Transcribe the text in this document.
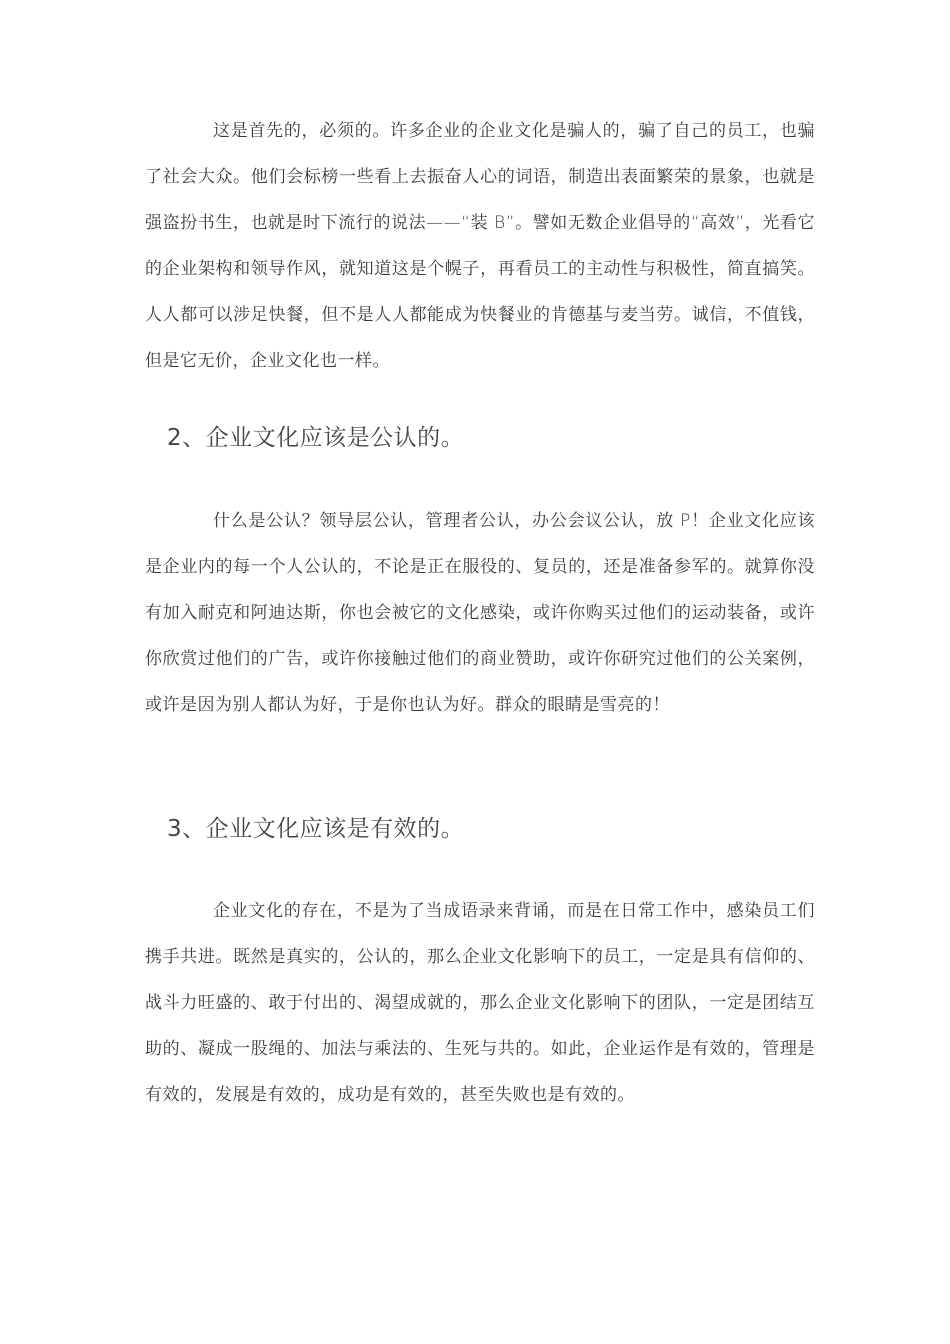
这是首先的，必须的。许多企业的企业文化是骗人的，骗了自己的员工，也骗了社会大众。他们会标榜一些看上去振奋人心的词语，制造出表面繁荣的景象，也就是强盗扮书生，也就是时下流行的说法——“装 B”。譬如无数企业倡导的“高效”，光看它的企业架构和领导作风，就知道这是个幌子，再看员工的主动性与积极性，简直搞笑。人人都可以涉足快餐，但不是人人都能成为快餐业的肯德基与麦当劳。诚信，不值钱，但是它无价，企业文化也一样。

2、企业文化应该是公认的。

什么是公认？领导层公认，管理者公认，办公会议公认，放 P！企业文化应该是企业内的每一个人公认的，不论是正在服役的、复员的，还是准备参军的。就算你没有加入耐克和阿迪达斯，你也会被它的文化感染，或许你购买过他们的运动装备，或许你欣赏过他们的广告，或许你接触过他们的商业赞助，或许你研究过他们的公关案例，或许是因为别人都认为好，于是你也认为好。群众的眼睛是雪亮的！

3、企业文化应该是有效的。

企业文化的存在，不是为了当成语录来背诵，而是在日常工作中，感染员工们携手共进。既然是真实的，公认的，那么企业文化影响下的员工，一定是具有信仰的、战斗力旺盛的、敢于付出的、渴望成就的，那么企业文化影响下的团队，一定是团结互助的、凝成一股绳的、加法与乘法的、生死与共的。如此，企业运作是有效的，管理是有效的，发展是有效的，成功是有效的，甚至失败也是有效的。
